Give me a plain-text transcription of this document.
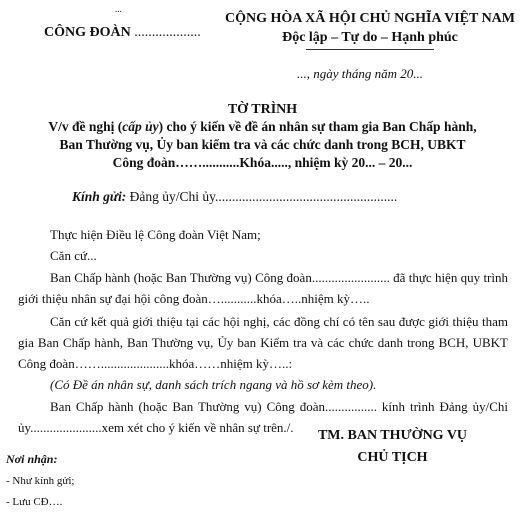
...
CÔNG ĐOÀN ...................
CỘNG HÒA XÃ HỘI CHỦ NGHĨA VIỆT NAM
Độc lập – Tự do – Hạnh phúc
..., ngày tháng năm 20...
TỜ TRÌNH
V/v đề nghị (cấp ủy) cho ý kiến về đề án nhân sự tham gia Ban Chấp hành,
Ban Thường vụ, Ủy ban kiểm tra và các chức danh trong BCH, UBKT
Công đoàn……...........Khóa....., nhiệm kỳ 20... – 20...
Kính gửi: Đảng ủy/Chi ủy......................................................
Thực hiện Điều lệ Công đoàn Việt Nam;
Căn cứ...
Ban Chấp hành (hoặc Ban Thường vụ) Công đoàn........................ đã thực hiện quy trình giới thiệu nhân sự đại hội công đoàn…...........khóa…..nhiệm kỳ…..
Căn cứ kết quả giới thiệu tại các hội nghị, các đồng chí có tên sau được giới thiệu tham gia Ban Chấp hành, Ban Thường vụ, Ủy ban Kiểm tra và các chức danh trong BCH, UBKT Công đoàn…….....................khóa……nhiệm kỳ…..:
(Có Đề án nhân sự, danh sách trích ngang và hồ sơ kèm theo).
Ban Chấp hành (hoặc Ban Thường vụ) Công đoàn................ kính trình Đảng ủy/Chi ủy......................xem xét cho ý kiến về nhân sự trên./.
TM. BAN THƯỜNG VỤ
CHỦ TỊCH
Nơi nhận:
- Như kính gửi;
- Lưu CĐ….
